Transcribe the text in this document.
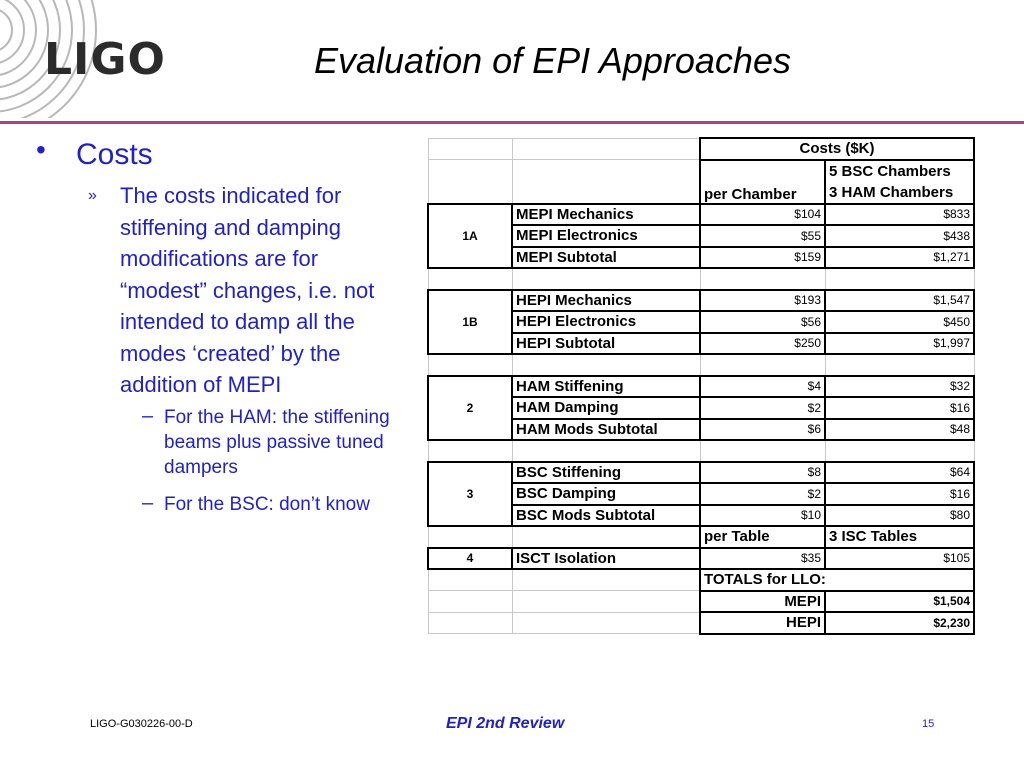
LIGO	Evaluation of EPI Approaches
• Costs
» The costs indicated for stiffening and damping modifications are for “modest” changes, i.e. not intended to damp all the modes ‘created’ by the addition of MEPI
– For the HAM: the stiffening beams plus passive tuned dampers
– For the BSC: don’t know
		Costs ($K)	
		per Chamber	5 BSC Chambers
3 HAM Chambers

1A	MEPI Mechanics	$104	$833
	MEPI Electronics	$55	$438
	MEPI Subtotal	$159	$1,271

1B	HEPI Mechanics	$193	$1,547
	HEPI Electronics	$56	$450
	HEPI Subtotal	$250	$1,997

2	HAM Stiffening	$4	$32
	HAM Damping	$2	$16
	HAM Mods Subtotal	$6	$48

3	BSC Stiffening	$8	$64
	BSC Damping	$2	$16
	BSC Mods Subtotal	$10	$80
		per Table	3 ISC Tables
4	ISCT Isolation	$35	$105
		TOTALS for LLO:	
		MEPI	$1,504
		HEPI	$2,230
LIGO-G030226-00-D	EPI 2nd Review	15
